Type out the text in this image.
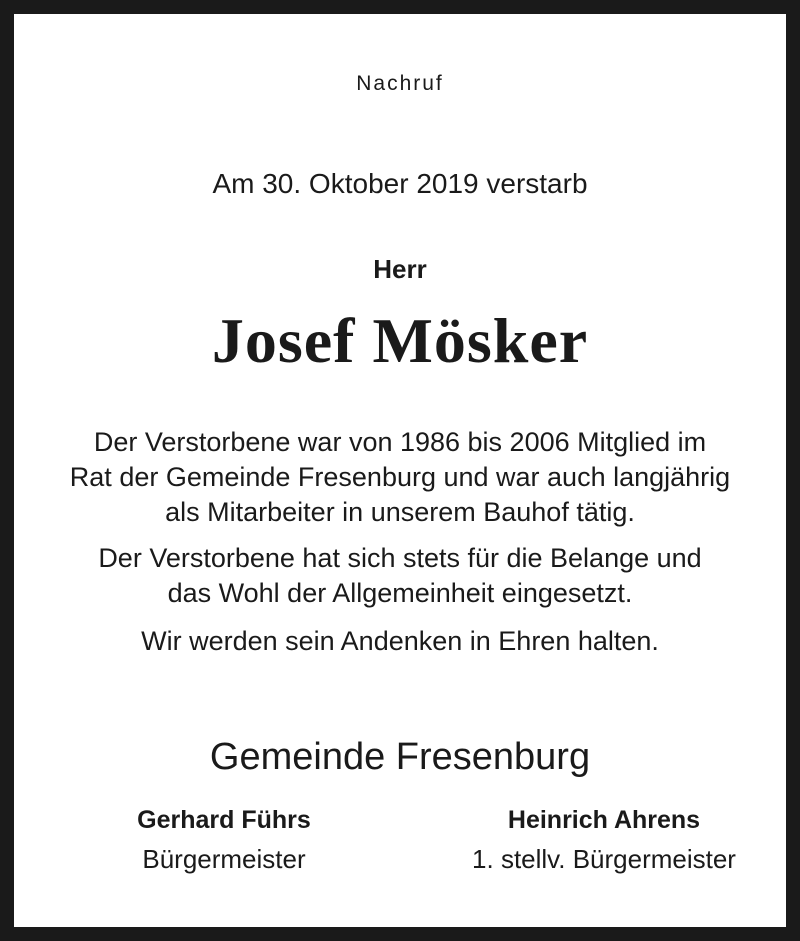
Nachruf

Am 30. Oktober 2019 verstarb

Herr

Josef Mösker

Der Verstorbene war von 1986 bis 2006 Mitglied im
Rat der Gemeinde Fresenburg und war auch langjährig
als Mitarbeiter in unserem Bauhof tätig.
Der Verstorbene hat sich stets für die Belange und
das Wohl der Allgemeinheit eingesetzt.
Wir werden sein Andenken in Ehren halten.

Gemeinde Fresenburg

Gerhard Führs
Bürgermeister
Heinrich Ahrens
1. stellv. Bürgermeister
